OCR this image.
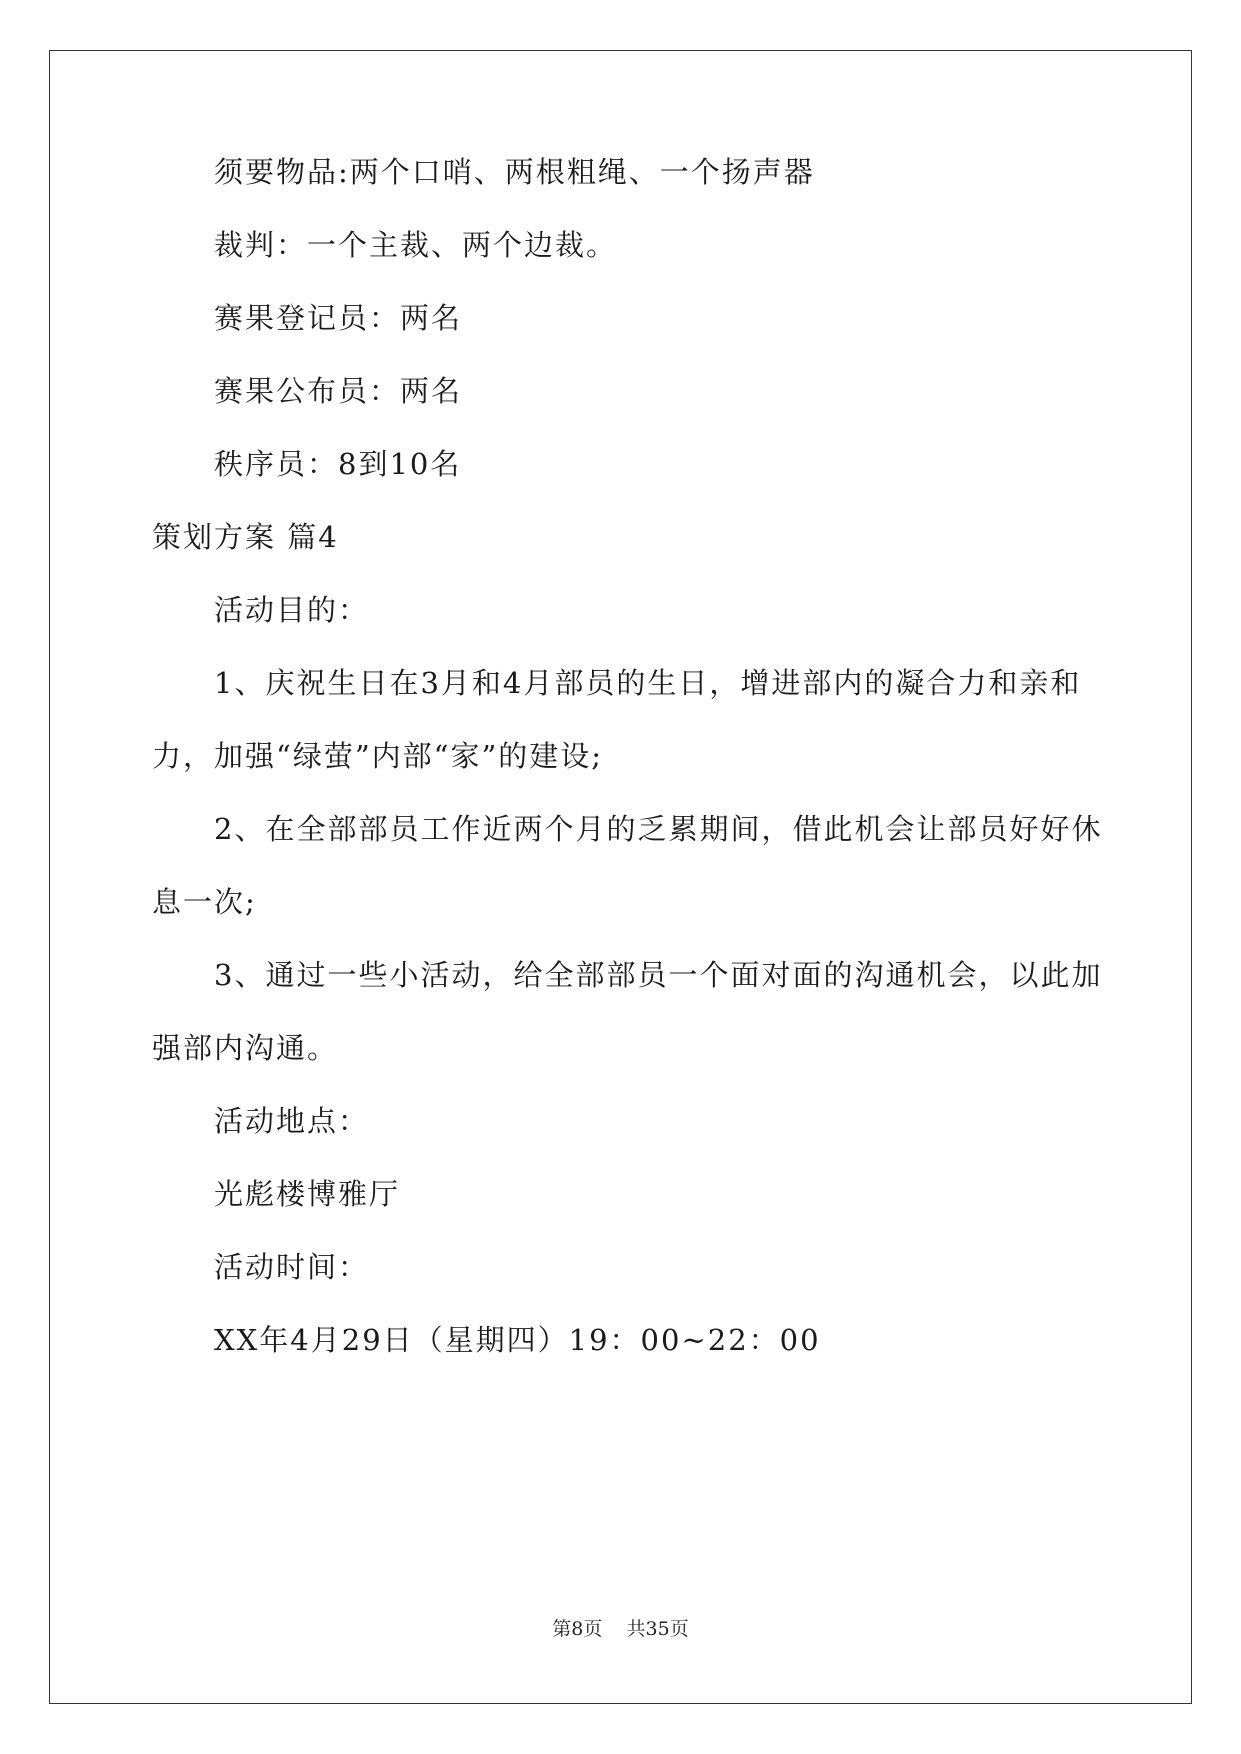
须要物品:两个口哨、两根粗绳、一个扬声器
裁判：一个主裁、两个边裁。
赛果登记员：两名
赛果公布员：两名
秩序员：8到10名
策划方案 篇4
活动目的：
1、庆祝生日在3月和4月部员的生日，增进部内的凝合力和亲和
力，加强“绿萤”内部“家”的建设;
2、在全部部员工作近两个月的乏累期间，借此机会让部员好好休
息一次;
3、通过一些小活动，给全部部员一个面对面的沟通机会，以此加
强部内沟通。
活动地点：
光彪楼博雅厅
活动时间：
XX年4月29日（星期四）19：00~22：00
第8页    共35页
